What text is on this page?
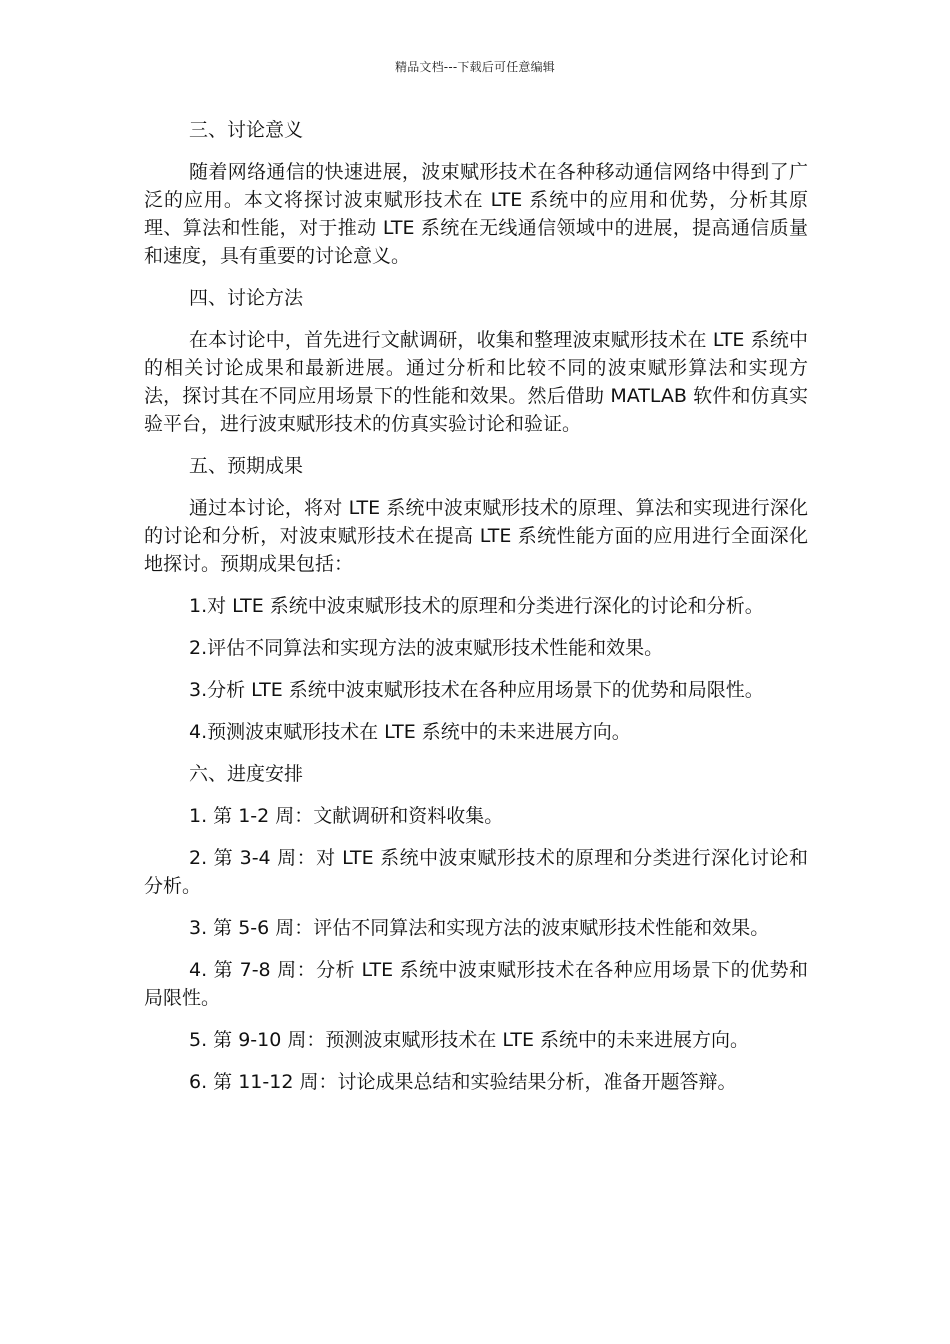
精品文档---下载后可任意编辑

三、讨论意义

随着网络通信的快速进展，波束赋形技术在各种移动通信网络中得到了广泛的应用。本文将探讨波束赋形技术在 LTE 系统中的应用和优势，分析其原理、算法和性能，对于推动 LTE 系统在无线通信领域中的进展，提高通信质量和速度，具有重要的讨论意义。

四、讨论方法

在本讨论中，首先进行文献调研，收集和整理波束赋形技术在 LTE 系统中的相关讨论成果和最新进展。通过分析和比较不同的波束赋形算法和实现方法，探讨其在不同应用场景下的性能和效果。然后借助 MATLAB 软件和仿真实验平台，进行波束赋形技术的仿真实验讨论和验证。

五、预期成果

通过本讨论，将对 LTE 系统中波束赋形技术的原理、算法和实现进行深化的讨论和分析，对波束赋形技术在提高 LTE 系统性能方面的应用进行全面深化地探讨。预期成果包括：

1.对 LTE 系统中波束赋形技术的原理和分类进行深化的讨论和分析。

2.评估不同算法和实现方法的波束赋形技术性能和效果。

3.分析 LTE 系统中波束赋形技术在各种应用场景下的优势和局限性。

4.预测波束赋形技术在 LTE 系统中的未来进展方向。

六、进度安排

1. 第 1-2 周：文献调研和资料收集。

2. 第 3-4 周：对 LTE 系统中波束赋形技术的原理和分类进行深化讨论和分析。

3. 第 5-6 周：评估不同算法和实现方法的波束赋形技术性能和效果。

4. 第 7-8 周：分析 LTE 系统中波束赋形技术在各种应用场景下的优势和局限性。

5. 第 9-10 周：预测波束赋形技术在 LTE 系统中的未来进展方向。

6. 第 11-12 周：讨论成果总结和实验结果分析，准备开题答辩。
